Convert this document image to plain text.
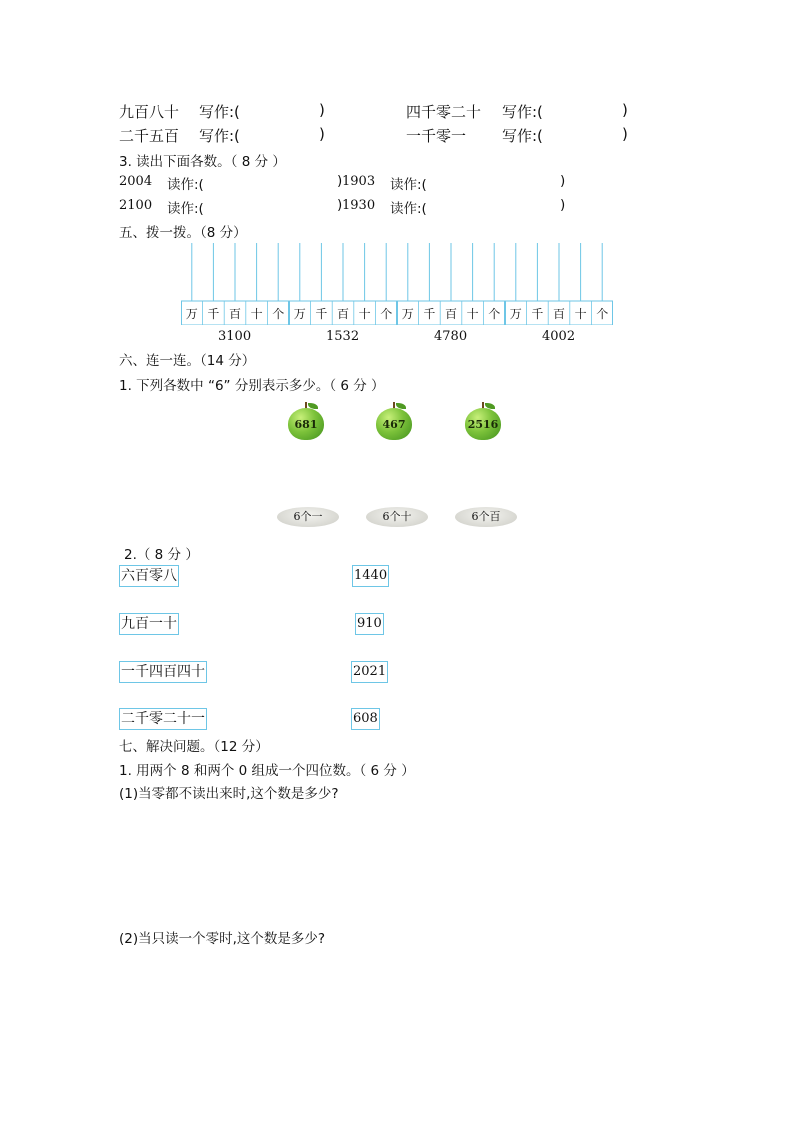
九百八十 写作:(	)	四千零二十 写作:(	)
二千五百 写作:(	)	一千零一 写作:(	)
3. 读出下面各数。（ 8 分 ）
2004 读作:(	) 1903 读作:(	)
2100 读作:(	) 1930 读作:(	)
五、拨一拨。（8 分）
万 千 百 十 个 万 千 百 十 个 万 千 百 十 个 万 千 百 十 个
3100	1532	4780	4002
六、连一连。（14 分）
1. 下列各数中 “6” 分别表示多少。（ 6 分 ）
681	467	2516
6个一	6个十	6个百
2.（ 8 分 ）
六百零八
九百一十
一千四百四十
二千零二十一
1440
910
2021
608
七、解决问题。（12 分）
1. 用两个 8 和两个 0 组成一个四位数。（ 6 分 ）
(1)当零都不读出来时,这个数是多少?
(2)当只读一个零时,这个数是多少?
